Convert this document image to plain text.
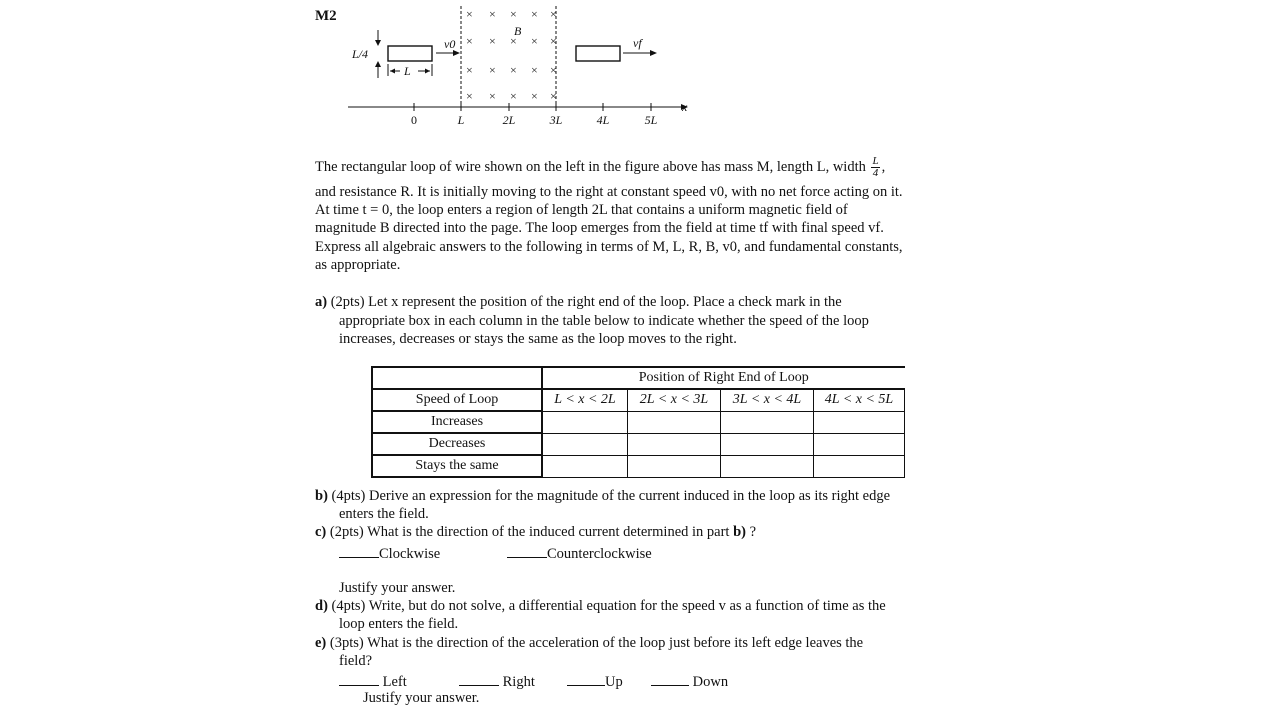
M2	× × × × ×
× × × × ×
× × × × ×
× × × × ×
B
L/4
L
v0	vf
x
0	L	2L	3L	4L	5L
The rectangular loop of wire shown on the left in the figure above has mass M, length L, width $\frac{L}{4}$ ,
and resistance R. It is initially moving to the right at constant speed v0, with no net force acting on it.
At time t = 0, the loop enters a region of length 2L that contains a uniform magnetic field of
magnitude B directed into the page. The loop emerges from the field at time tf with final speed vf.
Express all algebraic answers to the following in terms of M, L, R, B, v0, and fundamental constants,
as appropriate.
a) (2pts) Let x represent the position of the right end of the loop. Place a check mark in the
appropriate box in each column in the table below to indicate whether the speed of the loop
increases, decreases or stays the same as the loop moves to the right.
	Position of Right End of Loop			
Speed of Loop	L < x < 2L	2L < x < 3L	3L < x < 4L	4L < x < 5L
Increases				
Decreases				
Stays the same				
b) (4pts) Derive an expression for the magnitude of the current induced in the loop as its right edge
enters the field.
c) (2pts) What is the direction of the induced current determined in part b) ?
Clockwise	Counterclockwise
Justify your answer.
d) (4pts) Write, but do not solve, a differential equation for the speed v as a function of time as the
loop enters the field.
e) (3pts) What is the direction of the acceleration of the loop just before its left edge leaves the
field?
Left	Right	Up	Down
Justify your answer.
